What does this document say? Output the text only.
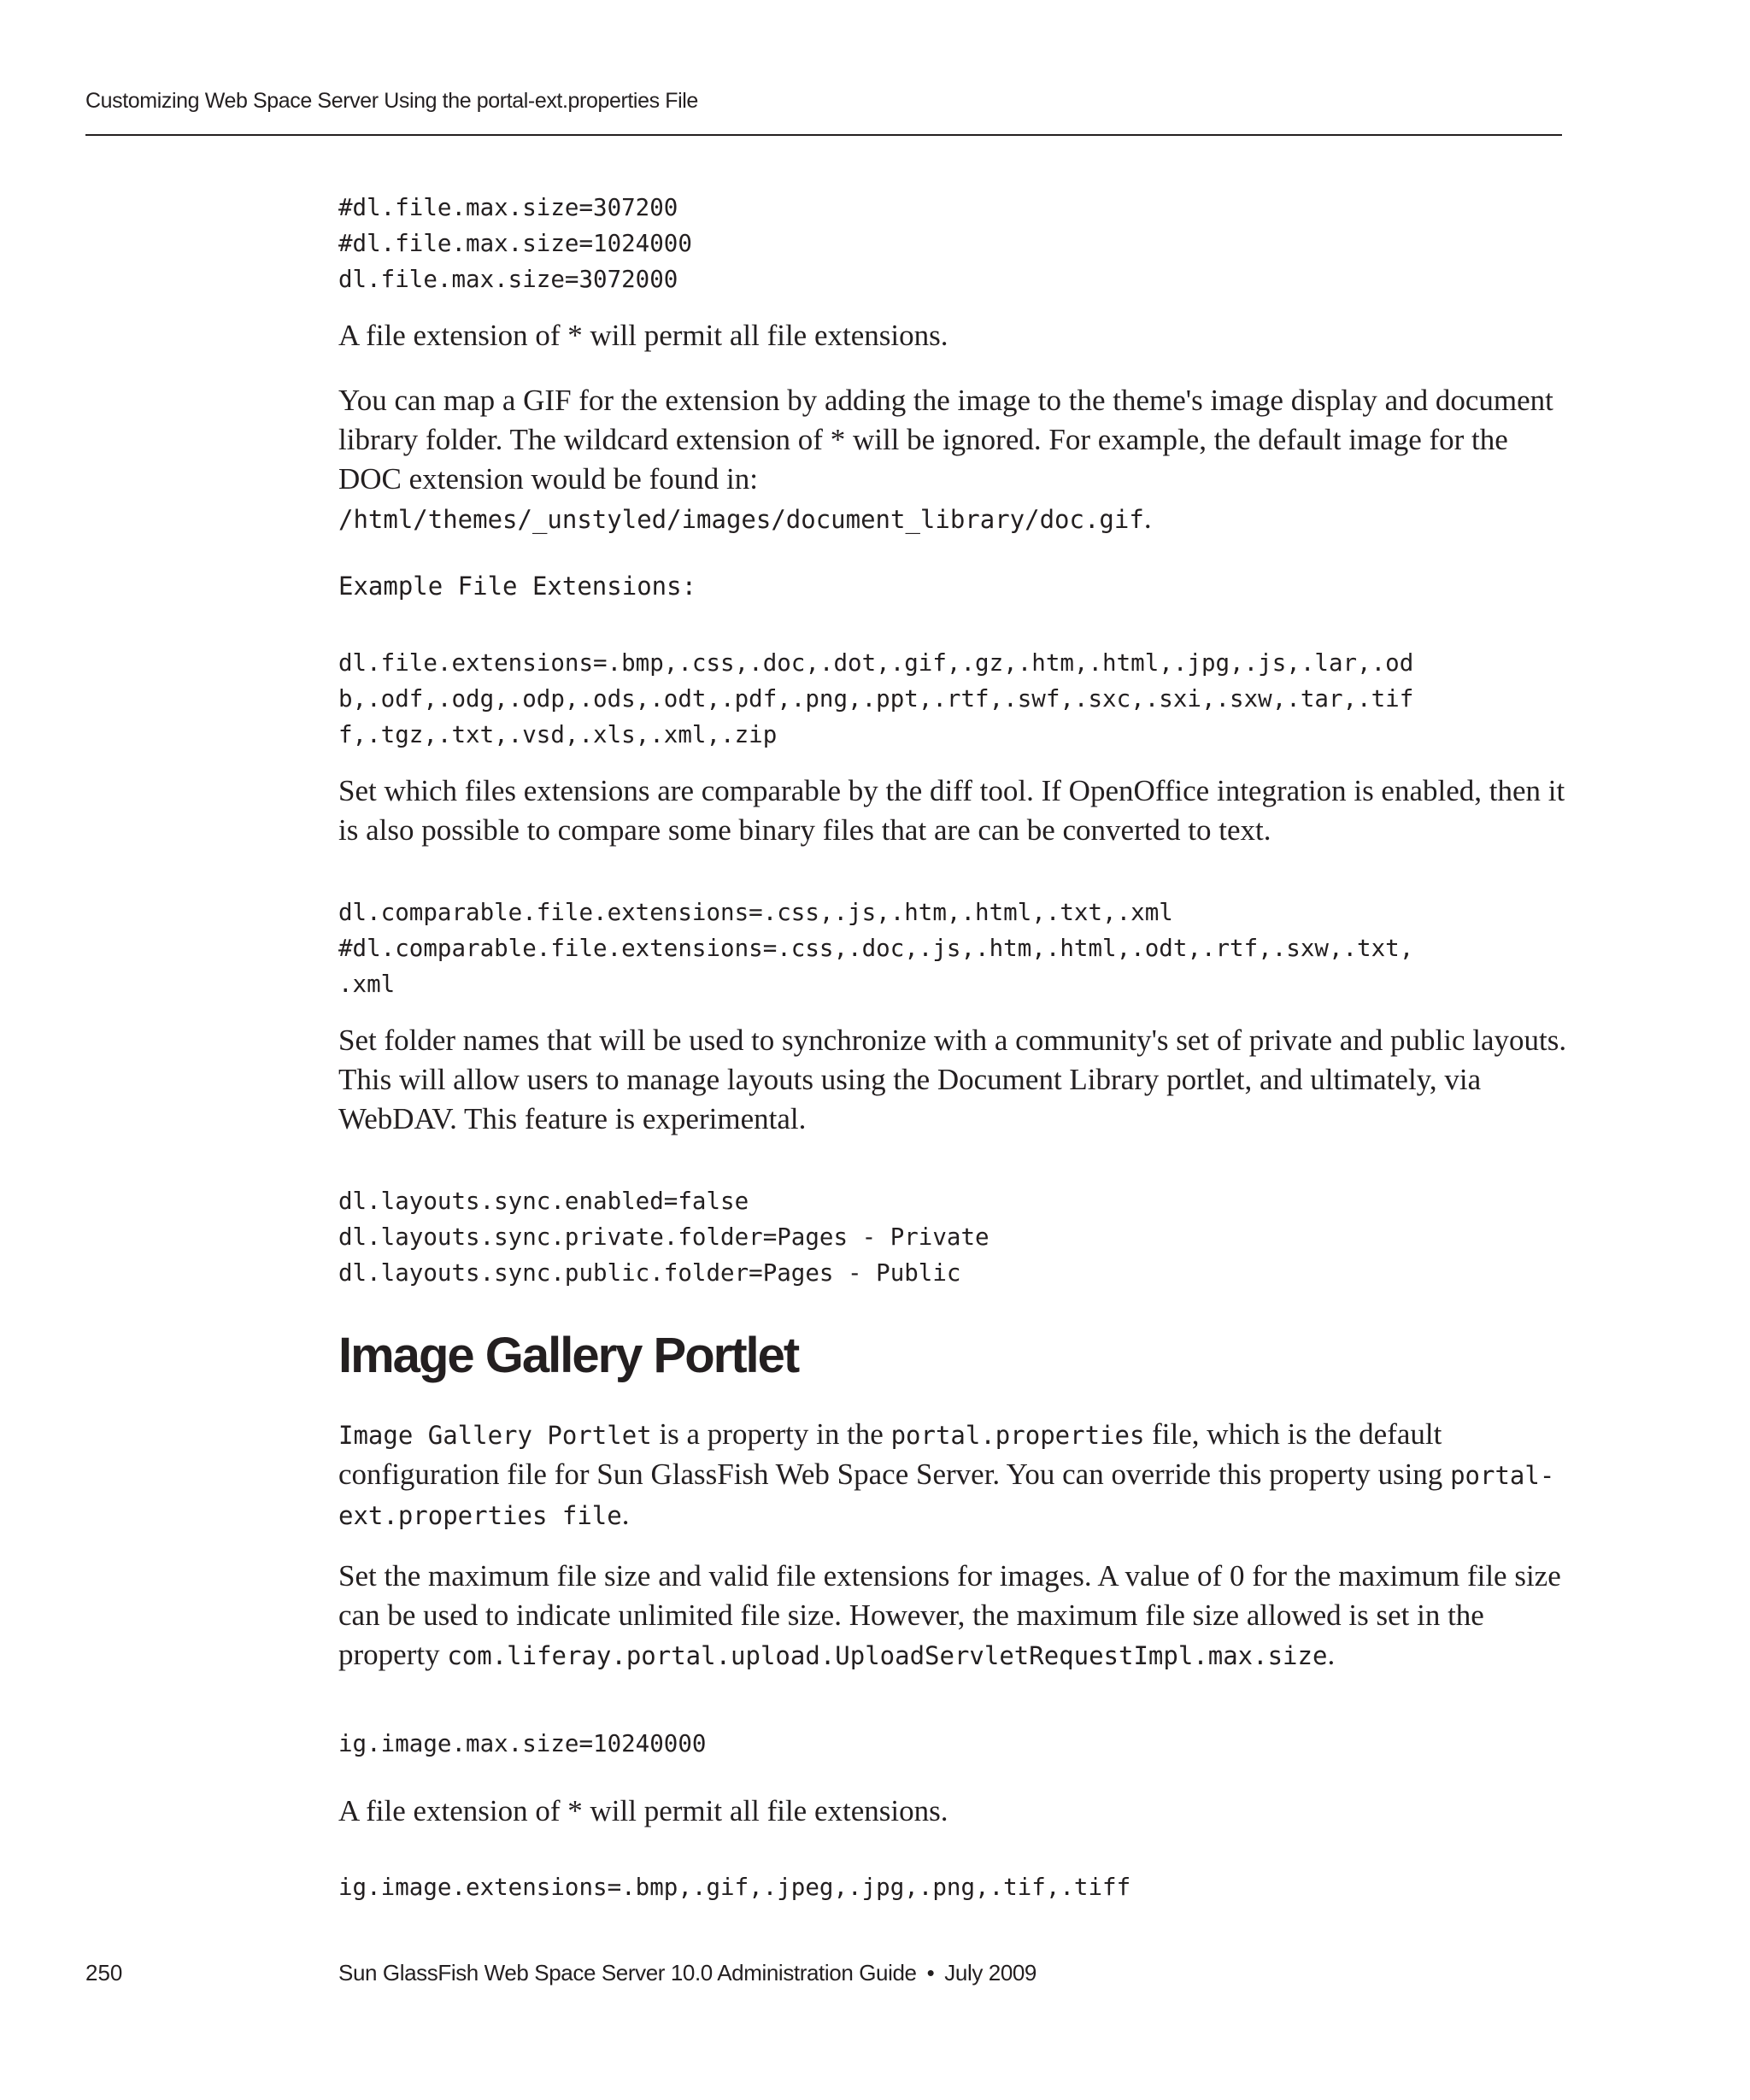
Customizing Web Space Server Using the portal-ext.properties File
#dl.file.max.size=307200
#dl.file.max.size=1024000
dl.file.max.size=3072000

A file extension of * will permit all file extensions.

You can map a GIF for the extension by adding the image to the theme's image display and document library folder. The wildcard extension of * will be ignored. For example, the default image for the DOC extension would be found in:
/html/themes/_unstyled/images/document_library/doc.gif.

Example File Extensions:
dl.file.extensions=.bmp,.css,.doc,.dot,.gif,.gz,.htm,.html,.jpg,.js,.lar,.od
b,.odf,.odg,.odp,.ods,.odt,.pdf,.png,.ppt,.rtf,.swf,.sxc,.sxi,.sxw,.tar,.tif
f,.tgz,.txt,.vsd,.xls,.xml,.zip

Set which files extensions are comparable by the diff tool. If OpenOffice integration is enabled, then it is also possible to compare some binary files that are can be converted to text.

dl.comparable.file.extensions=.css,.js,.htm,.html,.txt,.xml
#dl.comparable.file.extensions=.css,.doc,.js,.htm,.html,.odt,.rtf,.sxw,.txt,
.xml

Set folder names that will be used to synchronize with a community's set of private and public layouts. This will allow users to manage layouts using the Document Library portlet, and ultimately, via WebDAV. This feature is experimental.

dl.layouts.sync.enabled=false
dl.layouts.sync.private.folder=Pages - Private
dl.layouts.sync.public.folder=Pages - Public
Image Gallery Portlet

Image Gallery Portlet is a property in the portal.properties file, which is the default configuration file for Sun GlassFish Web Space Server. You can override this property using portal-ext.properties file.

Set the maximum file size and valid file extensions for images. A value of 0 for the maximum file size can be used to indicate unlimited file size. However, the maximum file size allowed is set in the property com.liferay.portal.upload.UploadServletRequestImpl.max.size.

ig.image.max.size=10240000

A file extension of * will permit all file extensions.

ig.image.extensions=.bmp,.gif,.jpeg,.jpg,.png,.tif,.tiff
250	Sun GlassFish Web Space Server 10.0 Administration Guide • July 2009
